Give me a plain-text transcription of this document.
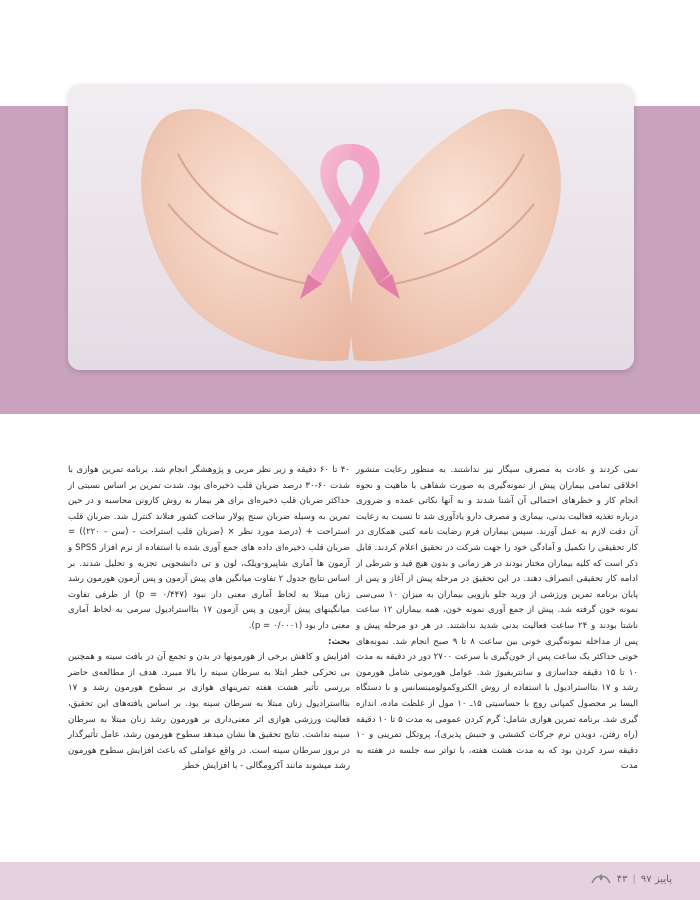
نمی کردند و عادت به مصرف سیگار نیز نداشتند. به منظور رعایت منشور اخلاقی تمامی بیماران پیش از نمونه‌گیری به صورت شفاهی با ماهیت و نحوه انجام کار و خطرهای احتمالی آن آشنا شدند و به آنها نکاتی عمده و ضروری درباره تغذیه فعالیت بدنی، بیماری و مصرف دارو یادآوری شد تا نسبت به رعایت آن دقت لازم به عمل آورند. سپس بیماران فرم رضایت نامه کتبی همکاری در کار تحقیقی را تکمیل و آمادگی خود را جهت شرکت در تحقیق اعلام کردند. قابل ذکر است که کلیه بیماران مختار بودند در هر زمانی و بدون هیچ قید و شرطی از ادامه کار تحقیقی انصراف دهند. در این تحقیق در مرحله پیش از آغاز و پس از پایان برنامه تمرین ورزشی از ورید جلو بازویی بیماران به میزان ۱۰ سی‌سی نمونه خون گرفته شد. پیش از جمع آوری نمونه خون، همه بیماران ۱۲ ساعت ناشتا بودند و ۲۴ ساعت فعالیت بدنی شدید نداشتند. در هر دو مرحله پیش و پس از مداخله نمونه‌گیری خونی بین ساعت ۸ تا ۹ صبح انجام شد. نمونه‌های خونی حداکثر یک ساعت پس از خون‌گیری با سرعت ۲۷۰۰ دور در دقیقه به مدت ۱۰ تا ۱۵ دقیقه جداسازی و سانتریفیوژ شد. عوامل هورمونی شامل هورمون رشد و ۱۷ بتااسترادیول با استفاده از روش الکتروکمولومینسانس و با دستگاه الیسا یر محصول کمپانی روچ با حساسیتی ۱۵ـ ۱۰ مول از غلظت ماده، اندازه گیری شد. برنامه تمرین هوازی شامل: گرم کردن عمومی به مدت ۵ تا ۱۰ دقیقه (راه رفتن، دویدن نرم حرکات کششی و جنبش پذیری)، پروتکل تمرینی و ۱۰ دقیقه سرد کردن بود که به مدت هشت هفته، با تواتر سه جلسه در هفته به مدت

۴۰ تا ۶۰ دقیقه و زیر نظر مربی و پژوهشگر انجام شد. برنامه تمرین هوازی با شدت ۶۰-۳۰ درصد ضربان قلب ذخیره‌ای بود. شدت تمرین بر اساس نسبتی از حداکثر ضربان قلب ذخیره‌ای برای هر بیمار به روش کارونن محاسبه و در حین تمرین به وسیله ضربان سنج پولار ساخت کشور فنلاند کنترل شد. ضربان قلب استراحت + (درصد مورد نظر × (ضربان قلب استراحت - (سن - ۲۲۰)) = ضربان قلب ذخیره‌ای داده های جمع آوری شده با استفاده از نرم افزار SPSS و آزمون ها آماری شاپیرو-ویلک، لون و تی دانشجویی تجزیه و تحلیل شدند. بر اساس نتایج جدول ۲ تفاوت میانگین های پیش آزمون و پس آزمون هورمون رشد زنان مبتلا به لحاظ آماری معنی دار نبود (p = ۰/۴۴۷) از طرفی تفاوت میانگینهای پیش آزمون و پس آزمون ۱۷ بتااسترادیول سرمی به لحاظ آماری معنی دار بود (p = ۰/۰۰۰۱).

بحث:

افزایش و کاهش برخی از هورمونها در بدن و تجمع آن در بافت سینه و همچنین بی تحرکی خطر ابتلا به سرطان سینه را بالا میبرد. هدف از مطالعه‌ی حاضر بررسی تأثیر هشت هفته تمرینهای هوازی بر سطوح هورمون رشد و ۱۷ بتااسترادیول زنان مبتلا به سرطان سینه بود. بر اساس یافته‌های این تحقیق، فعالیت ورزشی هوازی اثر معنی‌داری بر هورمون رشد زنان مبتلا به سرطان سینه نداشت. نتایج تحقیق ها نشان میدهد سطوح هورمون رشد، عامل تأثیرگذار در بروز سرطان سینه است. در واقع عواملی که باعث افزایش سطوح هورمون رشد میشوند مانند آکرومگالی - با افزایش خطر

پاییز ۹۷
|
۴۳
